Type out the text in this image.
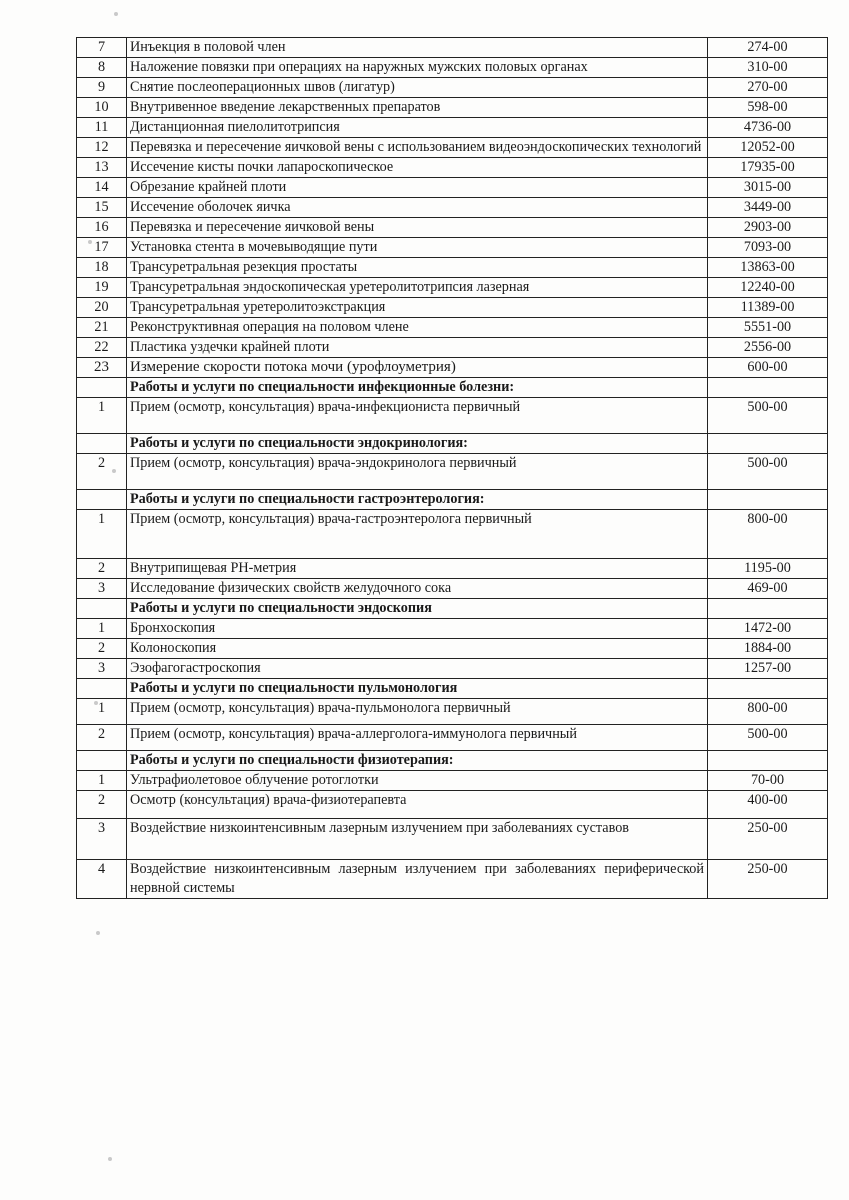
7	Инъекция в половой член	274-00
8	Наложение повязки при операциях на наружных мужских половых органах	310-00
9	Снятие послеоперационных швов (лигатур)	270-00
10	Внутривенное введение лекарственных препаратов	598-00
11	Дистанционная пиелолитотрипсия	4736-00
12	Перевязка и пересечение яичковой вены с использованием видеоэндоскопических технологий	12052-00
13	Иссечение кисты почки лапароскопическое	17935-00
14	Обрезание крайней плоти	3015-00
15	Иссечение оболочек яичка	3449-00
16	Перевязка и пересечение яичковой вены	2903-00
17	Установка стента в мочевыводящие пути	7093-00
18	Трансуретральная резекция простаты	13863-00
19	Трансуретральная эндоскопическая уретеролитотрипсия лазерная	12240-00
20	Трансуретральная уретеролитоэкстракция	11389-00
21	Реконструктивная операция на половом члене	5551-00
22	Пластика уздечки крайней плоти	2556-00
23	Измерение скорости потока мочи (урофлоуметрия)	600-00
	Работы и услуги по специальности инфекционные болезни:	
1	Прием (осмотр, консультация) врача-инфекциониста первичный	500-00
	Работы и услуги по специальности эндокринология:	
2	Прием (осмотр, консультация) врача-эндокринолога первичный	500-00
	Работы и услуги по специальности гастроэнтерология:	
1	Прием (осмотр, консультация) врача-гастроэнтеролога первичный	800-00
2	Внутрипищевая РН-метрия	1195-00
3	Исследование физических свойств желудочного сока	469-00
	Работы и услуги по специальности эндоскопия	
1	Бронхоскопия	1472-00
2	Колоноскопия	1884-00
3	Эзофагогастроскопия	1257-00
	Работы и услуги по специальности пульмонология	
1	Прием (осмотр, консультация) врача-пульмонолога первичный	800-00
2	Прием (осмотр, консультация) врача-аллерголога-иммунолога первичный	500-00
	Работы и услуги по специальности физиотерапия:	
1	Ультрафиолетовое облучение ротоглотки	70-00
2	Осмотр (консультация) врача-физиотерапевта	400-00
3	Воздействие низкоинтенсивным лазерным излучением при заболеваниях суставов	250-00
4	Воздействие низкоинтенсивным лазерным излучением при заболеваниях периферической нервной системы	250-00
